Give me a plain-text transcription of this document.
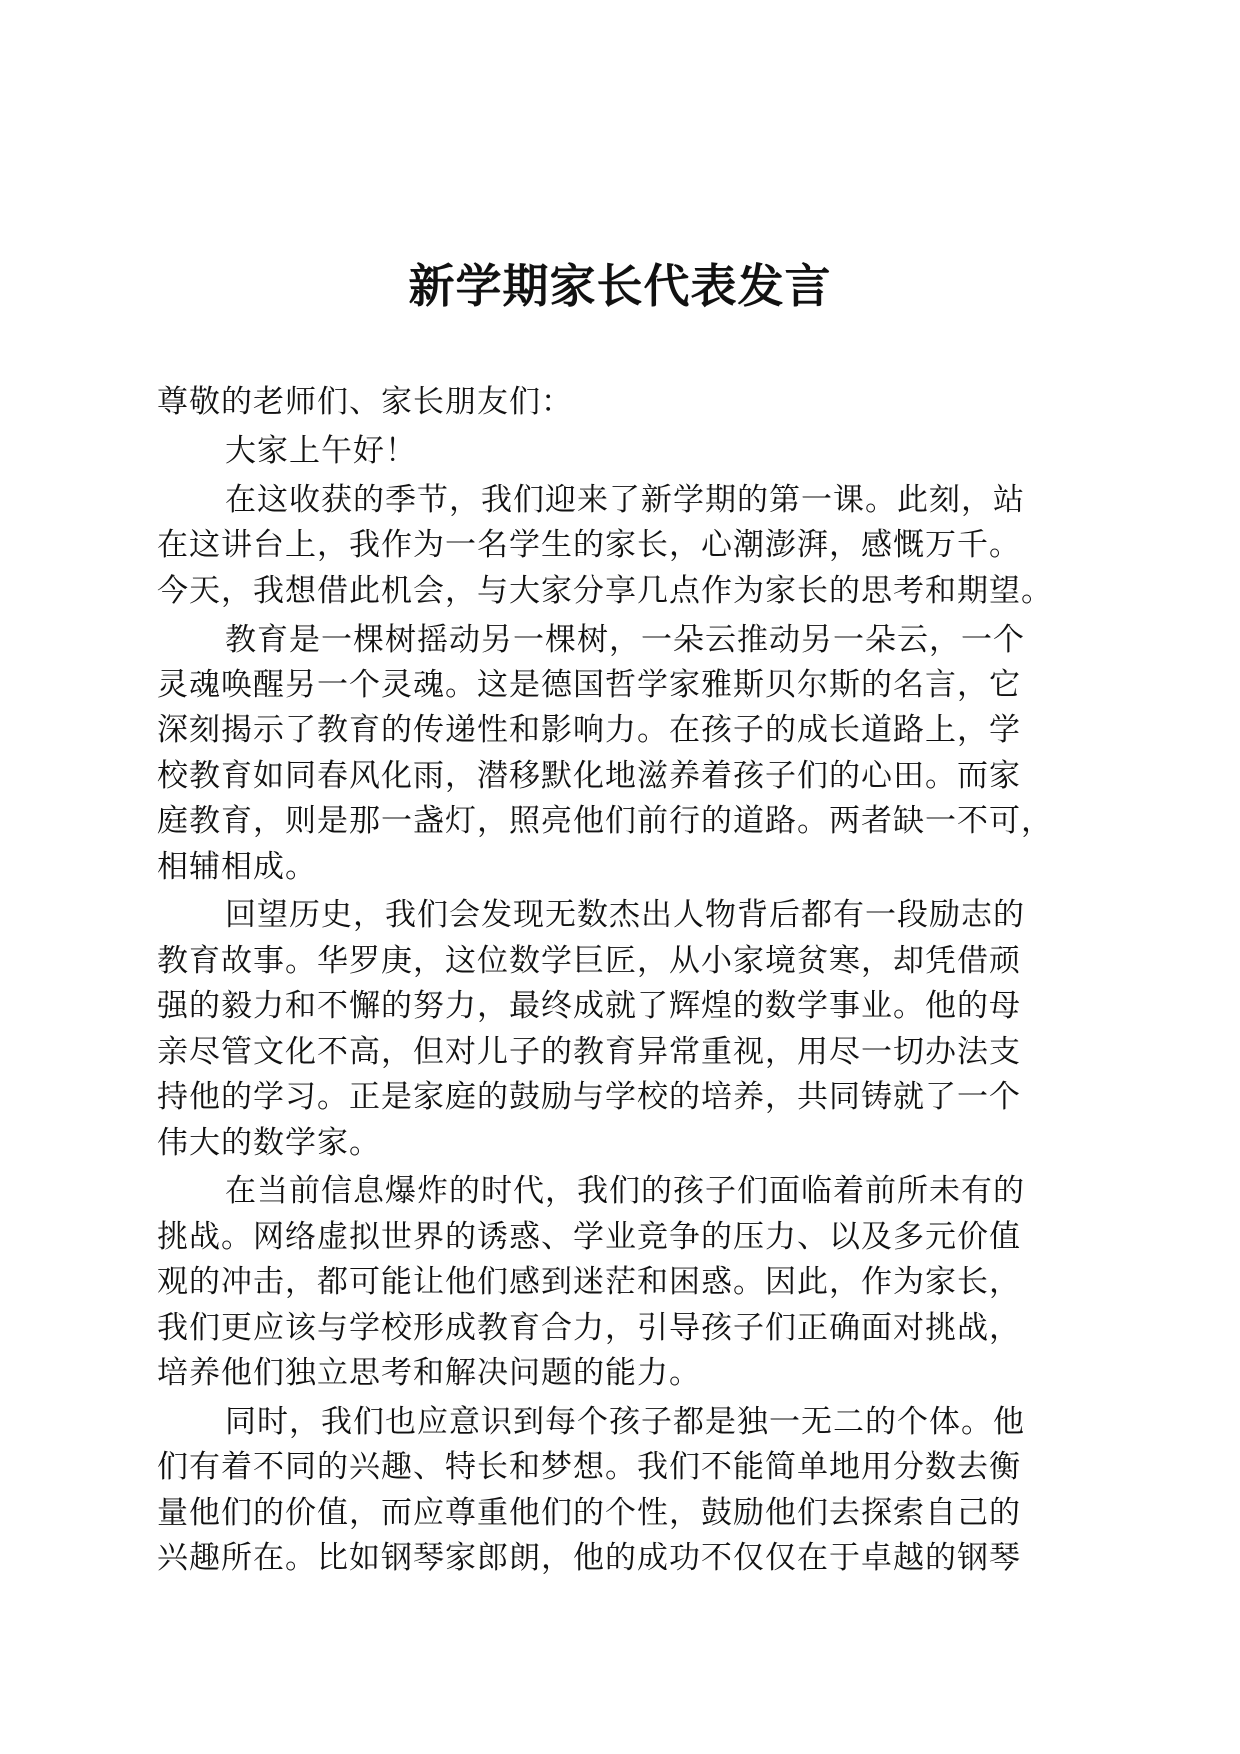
新学期家长代表发言
尊敬的老师们、家长朋友们：
大家上午好！
在这收获的季节，我们迎来了新学期的第一课。此刻，站
在这讲台上，我作为一名学生的家长，心潮澎湃，感慨万千。
今天，我想借此机会，与大家分享几点作为家长的思考和期望。
教育是一棵树摇动另一棵树，一朵云推动另一朵云，一个
灵魂唤醒另一个灵魂。这是德国哲学家雅斯贝尔斯的名言，它
深刻揭示了教育的传递性和影响力。在孩子的成长道路上，学
校教育如同春风化雨，潜移默化地滋养着孩子们的心田。而家
庭教育，则是那一盏灯，照亮他们前行的道路。两者缺一不可，
相辅相成。
回望历史，我们会发现无数杰出人物背后都有一段励志的
教育故事。华罗庚，这位数学巨匠，从小家境贫寒，却凭借顽
强的毅力和不懈的努力，最终成就了辉煌的数学事业。他的母
亲尽管文化不高，但对儿子的教育异常重视，用尽一切办法支
持他的学习。正是家庭的鼓励与学校的培养，共同铸就了一个
伟大的数学家。
在当前信息爆炸的时代，我们的孩子们面临着前所未有的
挑战。网络虚拟世界的诱惑、学业竞争的压力、以及多元价值
观的冲击，都可能让他们感到迷茫和困惑。因此，作为家长，
我们更应该与学校形成教育合力，引导孩子们正确面对挑战，
培养他们独立思考和解决问题的能力。
同时，我们也应意识到每个孩子都是独一无二的个体。他
们有着不同的兴趣、特长和梦想。我们不能简单地用分数去衡
量他们的价值，而应尊重他们的个性，鼓励他们去探索自己的
兴趣所在。比如钢琴家郎朗，他的成功不仅仅在于卓越的钢琴
